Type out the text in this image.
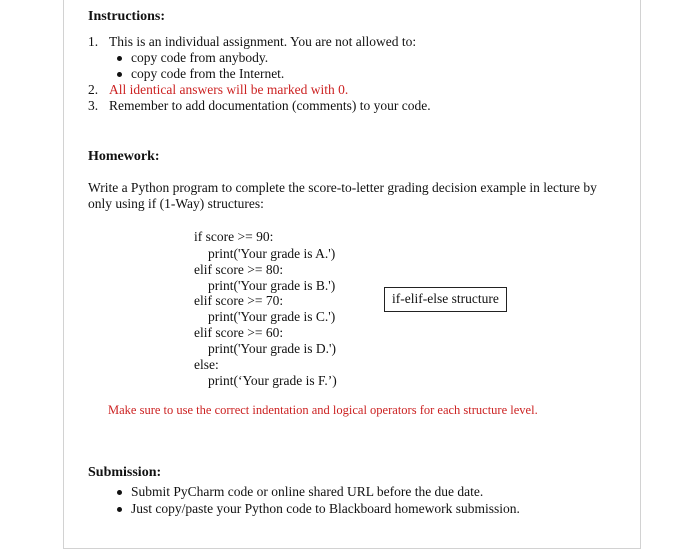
Instructions:
1. This is an individual assignment. You are not allowed to:
copy code from anybody.
copy code from the Internet.
2. All identical answers will be marked with 0.
3. Remember to add documentation (comments) to your code.
Homework:
Write a Python program to complete the score-to-letter grading decision example in lecture by
only using if (1-Way) structures:
if score >= 90:
print('Your grade is A.')
elif score >= 80:
print('Your grade is B.')
elif score >= 70:
print('Your grade is C.')
elif score >= 60:
print('Your grade is D.')
else:
print(‘Your grade is F.’)
if-elif-else structure
Make sure to use the correct indentation and logical operators for each structure level.
Submission:
Submit PyCharm code or online shared URL before the due date.
Just copy/paste your Python code to Blackboard homework submission.
